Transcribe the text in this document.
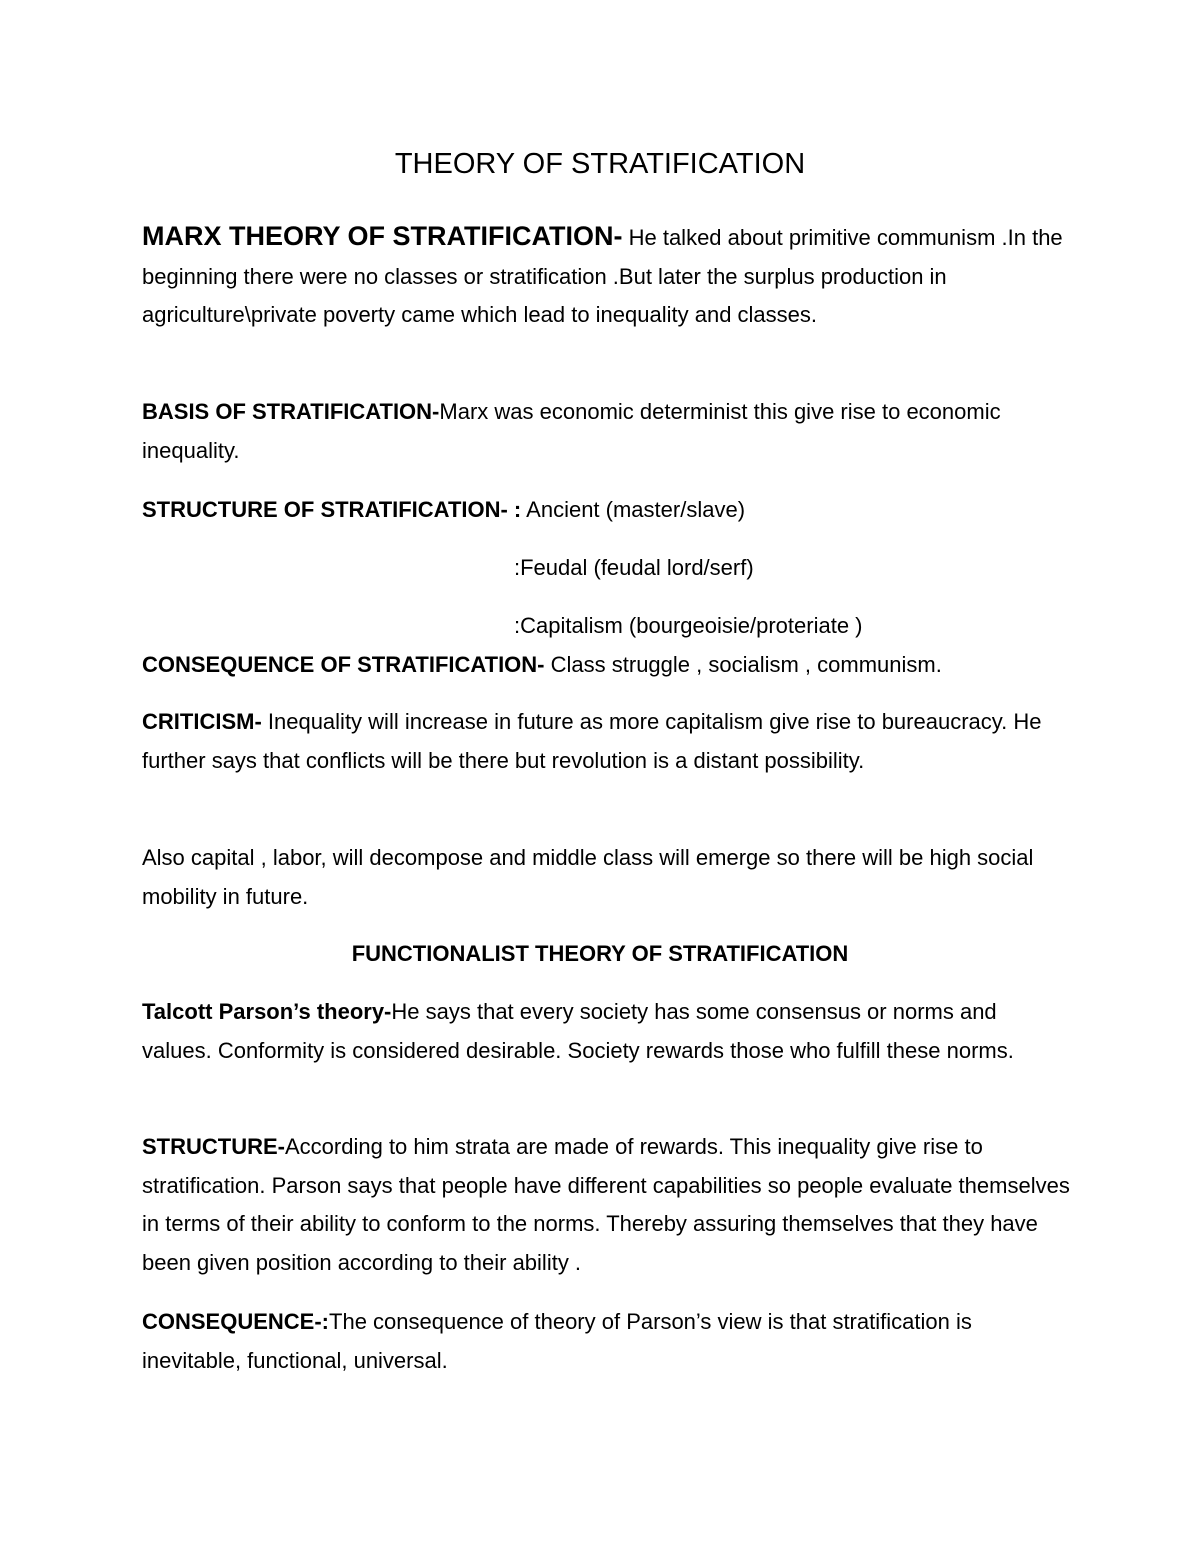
THEORY OF STRATIFICATION

MARX THEORY OF STRATIFICATION- He talked about primitive communism .In the beginning there were no classes or stratification .But later the surplus production in agriculture\private poverty came which lead to inequality and classes.

BASIS OF STRATIFICATION-Marx was economic determinist this give rise to economic inequality.

STRUCTURE OF STRATIFICATION- : Ancient (master/slave)
:Feudal (feudal lord/serf)
:Capitalism (bourgeoisie/proteriate )
CONSEQUENCE OF STRATIFICATION- Class struggle , socialism , communism.

CRITICISM- Inequality will increase in future as more capitalism give rise to bureaucracy. He further says that conflicts will be there but revolution is a distant possibility.

Also capital , labor, will decompose and middle class will emerge so there will be high social mobility in future.

FUNCTIONALIST THEORY OF STRATIFICATION

Talcott Parson’s theory-He says that every society has some consensus or norms and values. Conformity is considered desirable. Society rewards those who fulfill these norms.

STRUCTURE-According to him strata are made of rewards. This inequality give rise to stratification. Parson says that people have different capabilities so people evaluate themselves in terms of their ability to conform to the norms. Thereby assuring themselves that they have been given position according to their ability .

CONSEQUENCE-:The consequence of theory of Parson’s view is that stratification is inevitable, functional, universal.
